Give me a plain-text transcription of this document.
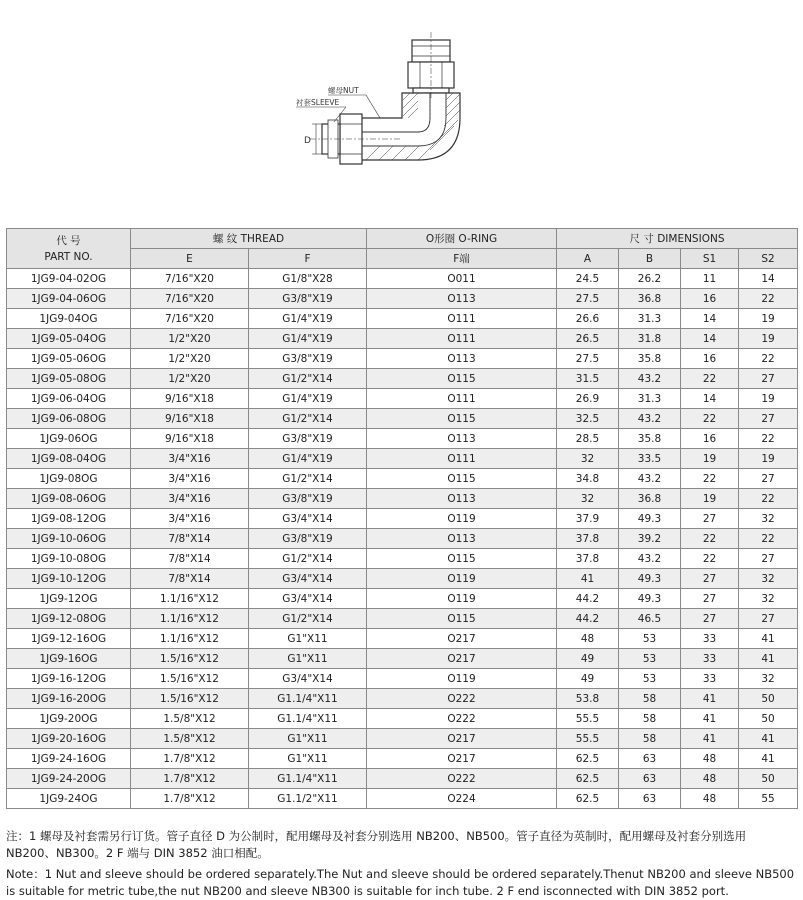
螺母NUT
衬套SLEEVE
D
代 号
PART NO.	螺 纹 THREAD		O形圈 O-RING	尺 寸 DIMENSIONS			
	E	F	F端	A	B	S1	S2
1JG9-04-02OG	7/16"X20	G1/8"X28	O011	24.5	26.2	11	14
1JG9-04-06OG	7/16"X20	G3/8"X19	O113	27.5	36.8	16	22
1JG9-04OG	7/16"X20	G1/4"X19	O111	26.6	31.3	14	19
1JG9-05-04OG	1/2"X20	G1/4"X19	O111	26.5	31.8	14	19
1JG9-05-06OG	1/2"X20	G3/8"X19	O113	27.5	35.8	16	22
1JG9-05-08OG	1/2"X20	G1/2"X14	O115	31.5	43.2	22	27
1JG9-06-04OG	9/16"X18	G1/4"X19	O111	26.9	31.3	14	19
1JG9-06-08OG	9/16"X18	G1/2"X14	O115	32.5	43.2	22	27
1JG9-06OG	9/16"X18	G3/8"X19	O113	28.5	35.8	16	22
1JG9-08-04OG	3/4"X16	G1/4"X19	O111	32	33.5	19	19
1JG9-08OG	3/4"X16	G1/2"X14	O115	34.8	43.2	22	27
1JG9-08-06OG	3/4"X16	G3/8"X19	O113	32	36.8	19	22
1JG9-08-12OG	3/4"X16	G3/4"X14	O119	37.9	49.3	27	32
1JG9-10-06OG	7/8"X14	G3/8"X19	O113	37.8	39.2	22	22
1JG9-10-08OG	7/8"X14	G1/2"X14	O115	37.8	43.2	22	27
1JG9-10-12OG	7/8"X14	G3/4"X14	O119	41	49.3	27	32
1JG9-12OG	1.1/16"X12	G3/4"X14	O119	44.2	49.3	27	32
1JG9-12-08OG	1.1/16"X12	G1/2"X14	O115	44.2	46.5	27	27
1JG9-12-16OG	1.1/16"X12	G1"X11	O217	48	53	33	41
1JG9-16OG	1.5/16"X12	G1"X11	O217	49	53	33	41
1JG9-16-12OG	1.5/16"X12	G3/4"X14	O119	49	53	33	32
1JG9-16-20OG	1.5/16"X12	G1.1/4"X11	O222	53.8	58	41	50
1JG9-20OG	1.5/8"X12	G1.1/4"X11	O222	55.5	58	41	50
1JG9-20-16OG	1.5/8"X12	G1"X11	O217	55.5	58	41	41
1JG9-24-16OG	1.7/8"X12	G1"X11	O217	62.5	63	48	41
1JG9-24-20OG	1.7/8"X12	G1.1/4"X11	O222	62.5	63	48	50
1JG9-24OG	1.7/8"X12	G1.1/2"X11	O224	62.5	63	48	55
注：1 螺母及衬套需另行订货。管子直径 D 为公制时，配用螺母及衬套分别选用 NB200、NB500。管子直径为英制时，配用螺母及衬套分别选用 NB200、NB300。2 F 端与 DIN 3852 油口相配。
Note：1 Nut and sleeve should be ordered separately.The Nut and sleeve should be ordered separately.Thenut NB200 and sleeve NB500 is suitable for metric tube,the nut NB200 and sleeve NB300 is suitable for inch tube. 2 F end isconnected with DIN 3852 port.
